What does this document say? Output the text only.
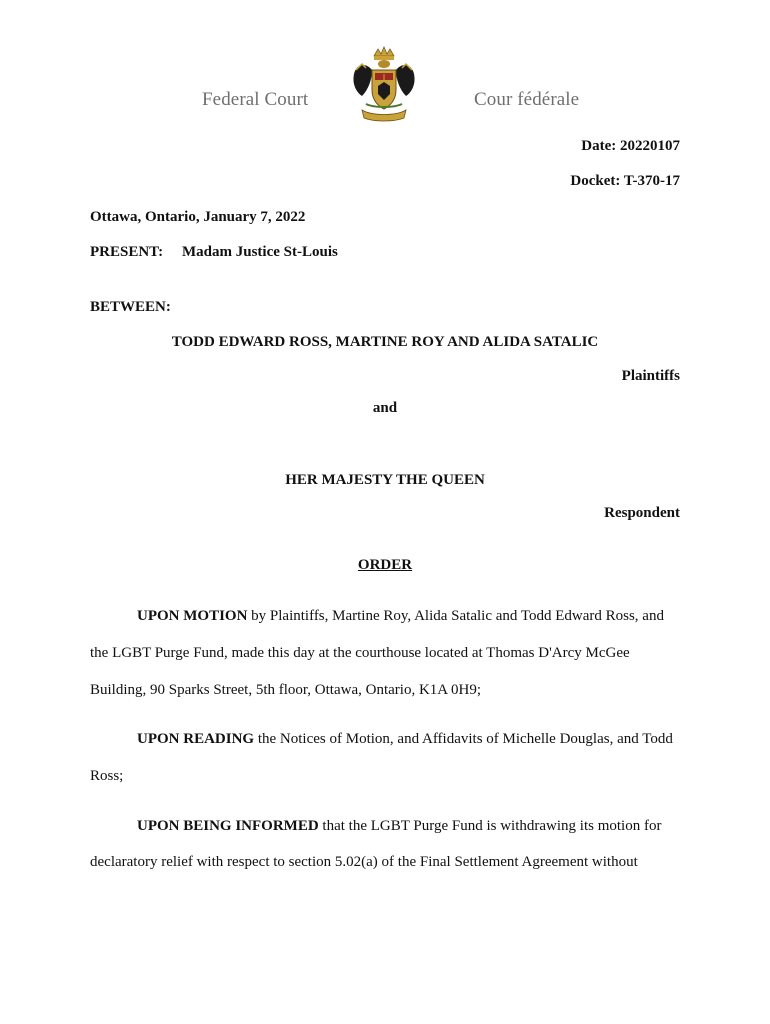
Federal Court	Cour fédérale
Date: 20220107
Docket: T-370-17
Ottawa, Ontario, January 7, 2022
PRESENT: Madam Justice St-Louis
BETWEEN:
TODD EDWARD ROSS, MARTINE ROY AND ALIDA SATALIC
Plaintiffs
and
HER MAJESTY THE QUEEN
Respondent
ORDER
UPON MOTION by Plaintiffs, Martine Roy, Alida Satalic and Todd Edward Ross, and
the LGBT Purge Fund, made this day at the courthouse located at Thomas D'Arcy McGee
Building, 90 Sparks Street, 5th floor, Ottawa, Ontario, K1A 0H9;
UPON READING the Notices of Motion, and Affidavits of Michelle Douglas, and Todd
Ross;
UPON BEING INFORMED that the LGBT Purge Fund is withdrawing its motion for
declaratory relief with respect to section 5.02(a) of the Final Settlement Agreement without
